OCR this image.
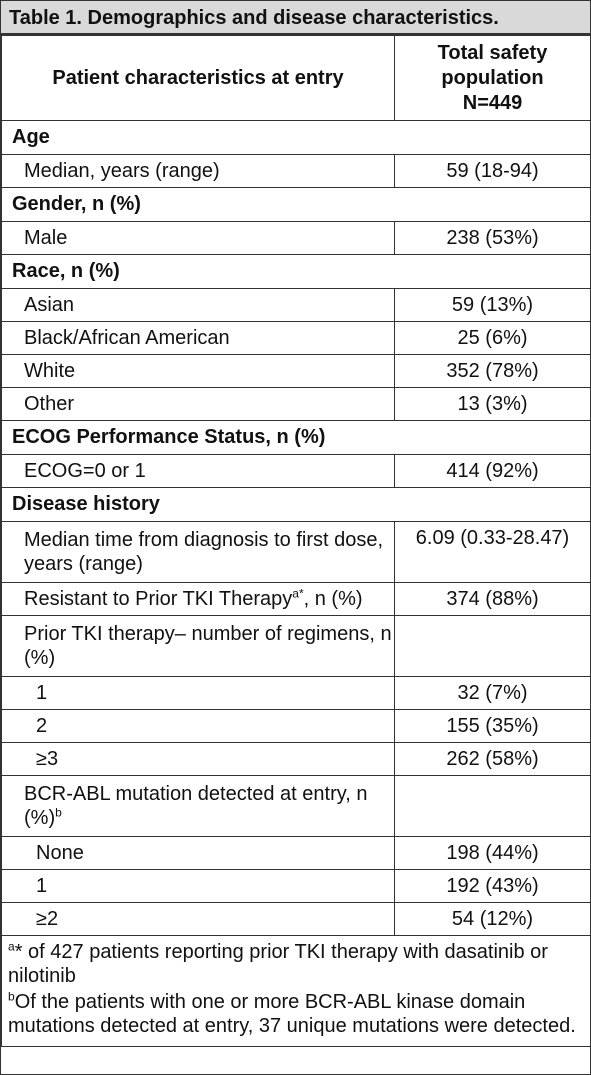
Table 1. Demographics and disease characteristics.
Patient characteristics at entry	Total safety
population
N=449

Age	
Median, years (range)	59 (18-94)
Gender, n (%)	
Male	238 (53%)
Race, n (%)	
Asian	59 (13%)
Black/African American	25 (6%)
White	352 (78%)
Other	13 (3%)
ECOG Performance Status, n (%)	
ECOG=0 or 1	414 (92%)
Disease history	
Median time from diagnosis to first dose, years (range)	6.09 (0.33-28.47)
Resistant to Prior TKI Therapy$^{a*}$, n (%)	374 (88%)
Prior TKI therapy– number of regimens, n (%)	
1	32 (7%)
2	155 (35%)
≥3	262 (58%)
BCR-ABL mutation detected at entry, n (%)$^b$	
None	198 (44%)
1	192 (43%)
≥2	54 (12%)

$^a$* of 427 patients reporting prior TKI therapy with dasatinib or nilotinib
$^b$Of the patients with one or more BCR-ABL kinase domain mutations detected at entry, 37 unique mutations were detected.	
